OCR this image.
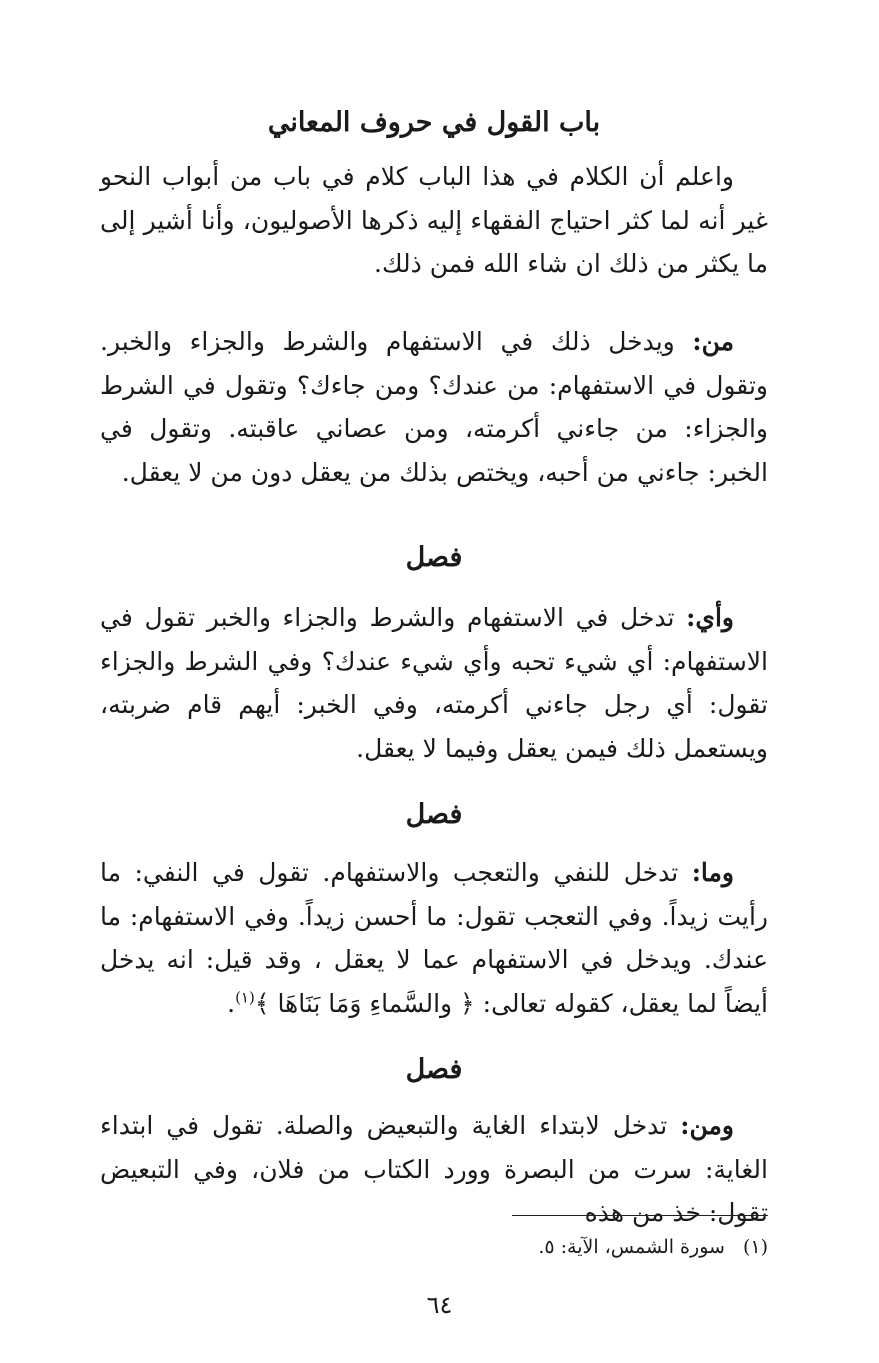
باب القول في حروف المعاني
واعلم أن الكلام في هذا الباب كلام في باب من أبواب النحو غير أنه لما كثر احتياج الفقهاء إليه ذكرها الأصوليون، وأنا أشير إلى ما يكثر من ذلك ان شاء الله فمن ذلك.
من: ويدخل ذلك في الاستفهام والشرط والجزاء والخبر. وتقول في الاستفهام: من عندك؟ ومن جاءك؟ وتقول في الشرط والجزاء: من جاءني أكرمته، ومن عصاني عاقبته. وتقول في الخبر: جاءني من أحبه، ويختص بذلك من يعقل دون من لا يعقل.
فصل
وأي: تدخل في الاستفهام والشرط والجزاء والخبر تقول في الاستفهام: أي شيء تحبه وأي شيء عندك؟ وفي الشرط والجزاء تقول: أي رجل جاءني أكرمته، وفي الخبر: أيهم قام ضربته، ويستعمل ذلك فيمن يعقل وفيما لا يعقل.
فصل
وما: تدخل للنفي والتعجب والاستفهام. تقول في النفي: ما رأيت زيداً. وفي التعجب تقول: ما أحسن زيداً. وفي الاستفهام: ما عندك. ويدخل في الاستفهام عما لا يعقل ، وقد قيل: انه يدخل أيضاً لما يعقل، كقوله تعالى: ﴿ والسَّماءِ وَمَا بَنَاهَا ﴾$^{(١)}$.
فصل
ومن: تدخل لابتداء الغاية والتبعيض والصلة. تقول في ابتداء الغاية: سرت من البصرة وورد الكتاب من فلان، وفي التبعيض تقول: خذ من هذه
(١)سورة الشمس، الآية: ٥.
٦٤
